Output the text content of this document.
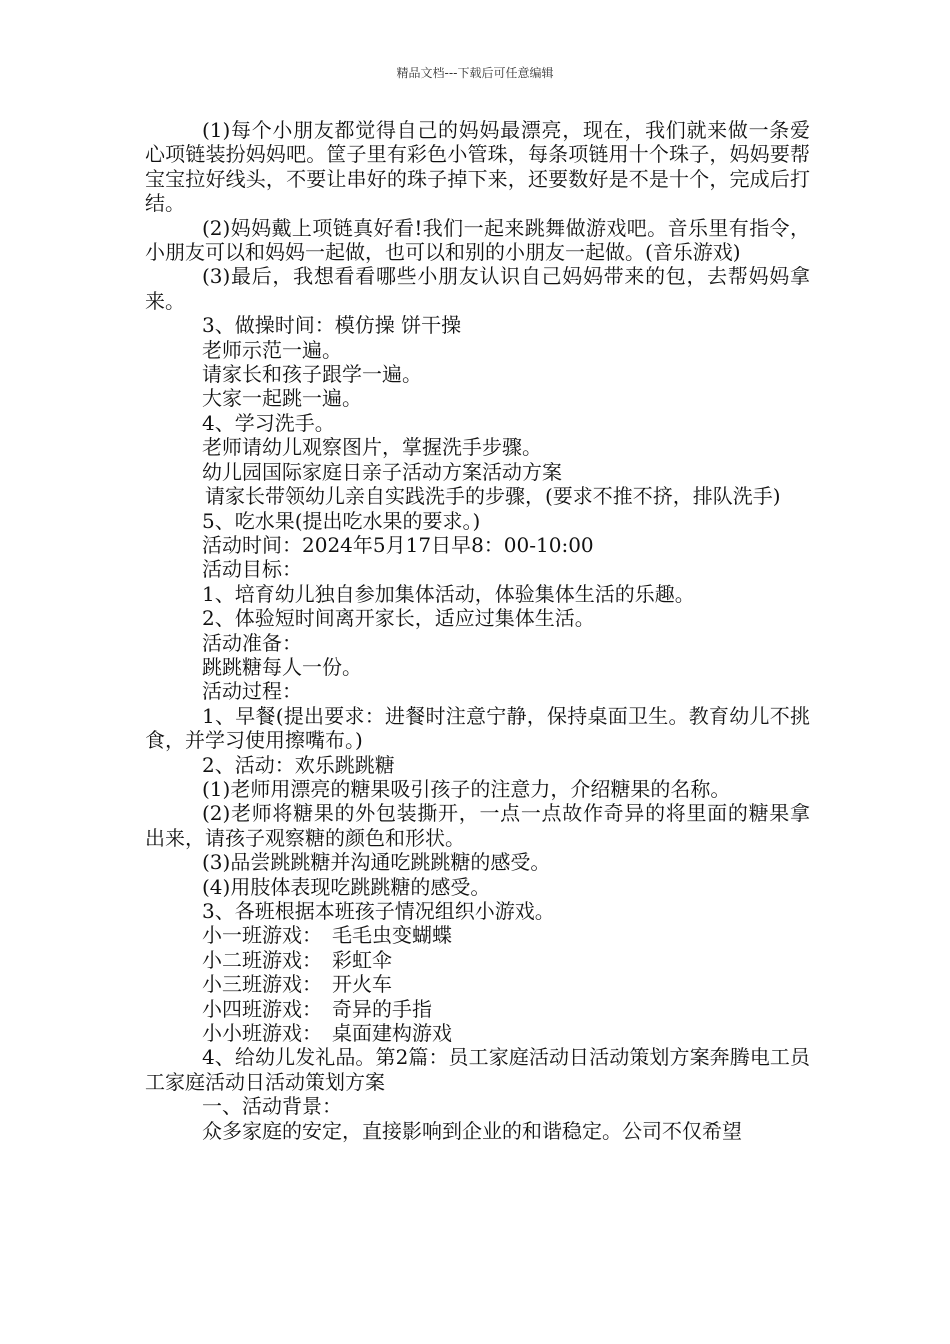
精品文档---下载后可任意编辑

(1)每个小朋友都觉得自己的妈妈最漂亮，现在，我们就来做一条爱心项链装扮妈妈吧。筐子里有彩色小管珠，每条项链用十个珠子，妈妈要帮宝宝拉好线头，不要让串好的珠子掉下来，还要数好是不是十个，完成后打结。

(2)妈妈戴上项链真好看!我们一起来跳舞做游戏吧。音乐里有指令，小朋友可以和妈妈一起做，也可以和别的小朋友一起做。(音乐游戏)

(3)最后，我想看看哪些小朋友认识自己妈妈带来的包，去帮妈妈拿来。

3、做操时间：模仿操 饼干操

老师示范一遍。

请家长和孩子跟学一遍。

大家一起跳一遍。

4、学习洗手。

老师请幼儿观察图片，掌握洗手步骤。

幼儿园国际家庭日亲子活动方案活动方案

请家长带领幼儿亲自实践洗手的步骤，(要求不推不挤，排队洗手)

5、吃水果(提出吃水果的要求。)

活动时间：2024年5月17日早8：00-10:00

活动目标：

1、培育幼儿独自参加集体活动，体验集体生活的乐趣。

2、体验短时间离开家长，适应过集体生活。

活动准备：

跳跳糖每人一份。

活动过程：

1、早餐(提出要求：进餐时注意宁静，保持桌面卫生。教育幼儿不挑食，并学习使用擦嘴布。)

2、活动：欢乐跳跳糖

(1)老师用漂亮的糖果吸引孩子的注意力，介绍糖果的名称。

(2)老师将糖果的外包装撕开，一点一点故作奇异的将里面的糖果拿出来，请孩子观察糖的颜色和形状。

(3)品尝跳跳糖并沟通吃跳跳糖的感受。

(4)用肢体表现吃跳跳糖的感受。

3、各班根据本班孩子情况组织小游戏。

小一班游戏：　毛毛虫变蝴蝶

小二班游戏：　彩虹伞

小三班游戏：　开火车

小四班游戏：　奇异的手指

小小班游戏：　桌面建构游戏

4、给幼儿发礼品。第2篇：员工家庭活动日活动策划方案奔腾电工员工家庭活动日活动策划方案

一、活动背景：

众多家庭的安定，直接影响到企业的和谐稳定。公司不仅希望
